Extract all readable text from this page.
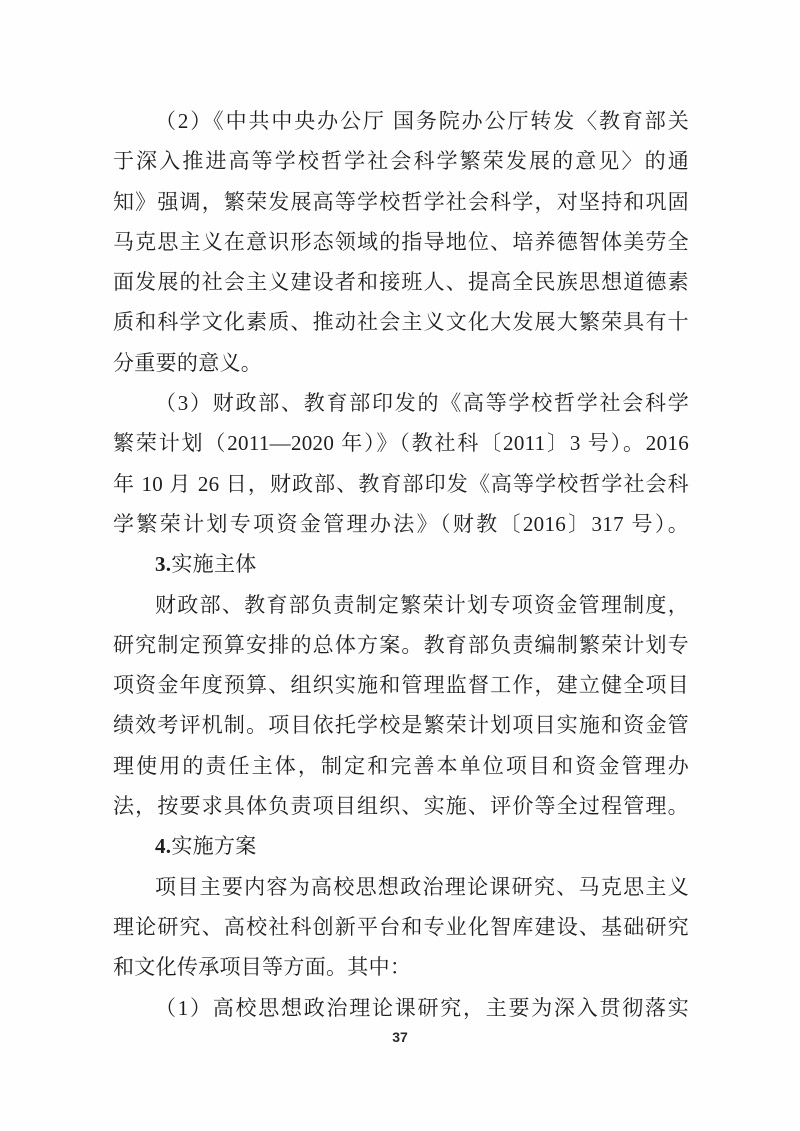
（2）《中共中央办公厅 国务院办公厅转发〈教育部关
于深入推进高等学校哲学社会科学繁荣发展的意见〉的通
知》强调，繁荣发展高等学校哲学社会科学，对坚持和巩固
马克思主义在意识形态领域的指导地位、培养德智体美劳全
面发展的社会主义建设者和接班人、提高全民族思想道德素
质和科学文化素质、推动社会主义文化大发展大繁荣具有十
分重要的意义。
（3）财政部、教育部印发的《高等学校哲学社会科学
繁荣计划（2011—2020 年）》（教社科〔2011〕3 号）。2016
年 10 月 26 日，财政部、教育部印发《高等学校哲学社会科
学繁荣计划专项资金管理办法》（财教〔2016〕317 号）。
3.实施主体
财政部、教育部负责制定繁荣计划专项资金管理制度，
研究制定预算安排的总体方案。教育部负责编制繁荣计划专
项资金年度预算、组织实施和管理监督工作，建立健全项目
绩效考评机制。项目依托学校是繁荣计划项目实施和资金管
理使用的责任主体，制定和完善本单位项目和资金管理办
法，按要求具体负责项目组织、实施、评价等全过程管理。
4.实施方案
项目主要内容为高校思想政治理论课研究、马克思主义
理论研究、高校社科创新平台和专业化智库建设、基础研究
和文化传承项目等方面。其中：
（1）高校思想政治理论课研究，主要为深入贯彻落实
37
